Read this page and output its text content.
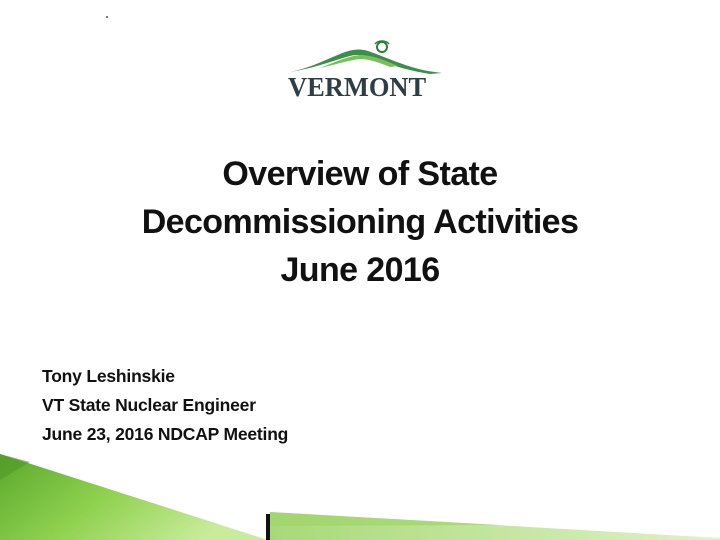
VERMONT
Overview of State
Decommissioning Activities
June 2016
Tony Leshinskie
VT State Nuclear Engineer
June 23, 2016 NDCAP Meeting
